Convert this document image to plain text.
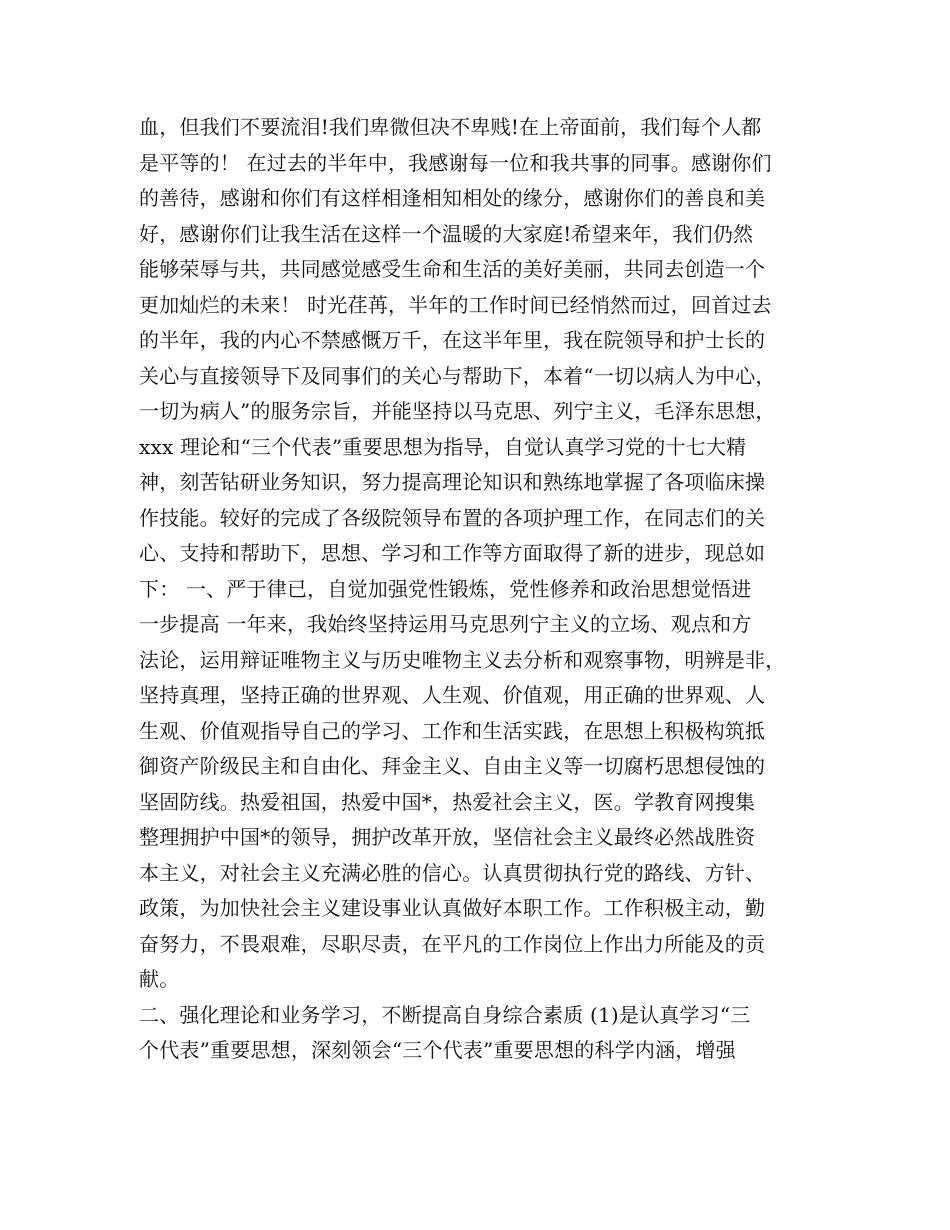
血，但我们不要流泪!我们卑微但决不卑贱!在上帝面前，我们每个人都
是平等的！ 在过去的半年中，我感谢每一位和我共事的同事。感谢你们
的善待，感谢和你们有这样相逢相知相处的缘分，感谢你们的善良和美
好，感谢你们让我生活在这样一个温暖的大家庭!希望来年，我们仍然
能够荣辱与共，共同感觉感受生命和生活的美好美丽，共同去创造一个
更加灿烂的未来！ 时光荏苒，半年的工作时间已经悄然而过，回首过去
的半年，我的内心不禁感慨万千，在这半年里，我在院领导和护士长的
关心与直接领导下及同事们的关心与帮助下，本着“一切以病人为中心，
一切为病人”的服务宗旨，并能坚持以马克思、列宁主义，毛泽东思想，
xxx 理论和“三个代表”重要思想为指导，自觉认真学习党的十七大精
神，刻苦钻研业务知识，努力提高理论知识和熟练地掌握了各项临床操
作技能。较好的完成了各级院领导布置的各项护理工作，在同志们的关
心、支持和帮助下，思想、学习和工作等方面取得了新的进步，现总如
下： 一、严于律已，自觉加强党性锻炼，党性修养和政治思想觉悟进
一步提高 一年来，我始终坚持运用马克思列宁主义的立场、观点和方
法论，运用辩证唯物主义与历史唯物主义去分析和观察事物，明辨是非，
坚持真理，坚持正确的世界观、人生观、价值观，用正确的世界观、人
生观、价值观指导自己的学习、工作和生活实践，在思想上积极构筑抵
御资产阶级民主和自由化、拜金主义、自由主义等一切腐朽思想侵蚀的
坚固防线。热爱祖国，热爱中国*，热爱社会主义，医。学教育网搜集
整理拥护中国*的领导，拥护改革开放，坚信社会主义最终必然战胜资
本主义，对社会主义充满必胜的信心。认真贯彻执行党的路线、方针、
政策，为加快社会主义建设事业认真做好本职工作。工作积极主动，勤
奋努力，不畏艰难，尽职尽责，在平凡的工作岗位上作出力所能及的贡
献。
二、强化理论和业务学习，不断提高自身综合素质 (1)是认真学习“三
个代表”重要思想，深刻领会“三个代表”重要思想的科学内涵，增强
